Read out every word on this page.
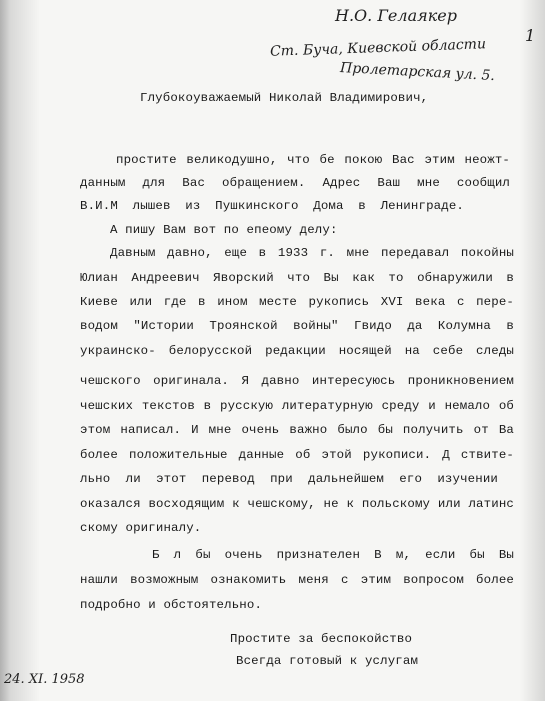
Н.О. Гелаякер
1
Ст. Буча, Киевской области
Пролетарская ул. 5.
Глубокоуважаемый Николай Владимирович,
простите великодушно, что бе покою Вас этим неожт-
данным для Вас обращением. Адрес Ваш мне сообщил
В.И.М лышев из Пушкинского Дома в Ленинграде.
А пишу Вам вот по епеому делу:
Давным давно, еще в 1933 г. мне передавал покойны
Юлиан Андреевич Яворский что Вы как то обнаружили в
Киеве или где в ином месте рукопись ХVI века с пере-
водом "Истории Троянской войны" Гвидо да Колумна в
украинско- белорусской редакции носящей на себе следы
чешского оригинала. Я давно интересуюсь проникновением
чешских текстов в русскую литературную среду и немало об
этом написал. И мне очень важно было бы получить от Ва
более положительные данные об этой рукописи. Д ствите-
льно ли этот перевод при дальнейшем его изучении
оказался восходящим к чешскому, не к польскому или латинс
скому оригиналу.
Б л бы очень признателен В м, если бы Вы
нашли возможным ознакомить меня с этим вопросом более
подробно и обстоятельно.
Простите за беспокойство
Всегда готовый к услугам
24. XI. 1958
